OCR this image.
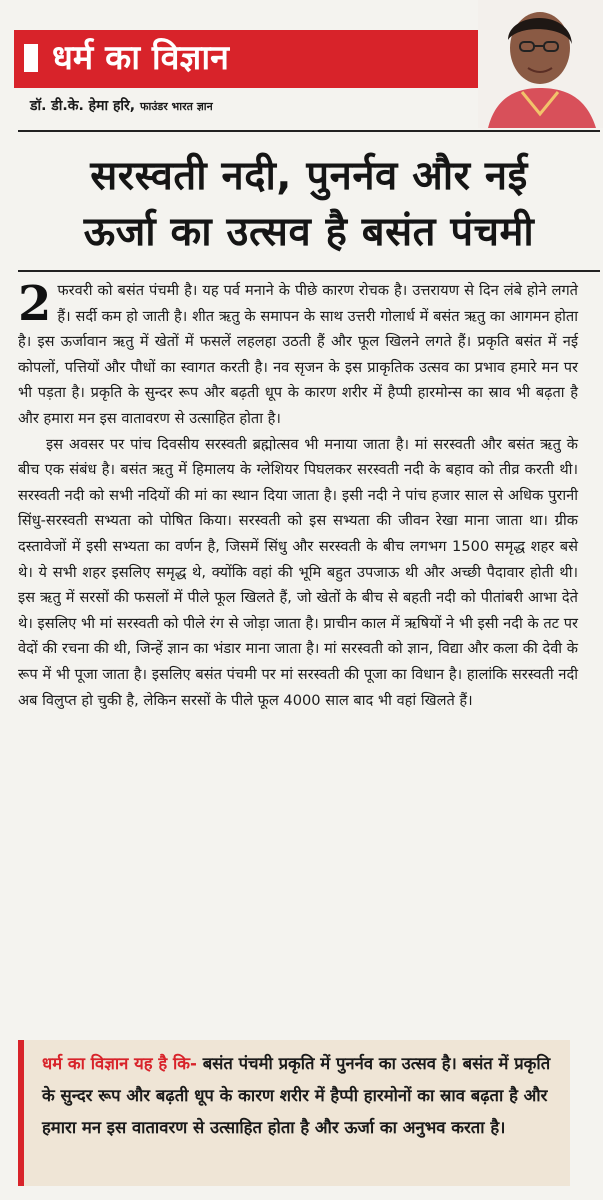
धर्म का विज्ञान
डॉ. डी.के. हेमा हरि, फाउंडर भारत ज्ञान
सरस्वती नदी, पुनर्नव और नई
ऊर्जा का उत्सव है बसंत पंचमी

2 फरवरी को बसंत पंचमी है। यह पर्व मनाने के पीछे कारण रोचक है। उत्तरायण से दिन लंबे होने लगते हैं। सर्दी कम हो जाती है। शीत ऋतु के समापन के साथ उत्तरी गोलार्ध में बसंत ऋतु का आगमन होता है। इस ऊर्जावान ऋतु में खेतों में फसलें लहलहा उठती हैं और फूल खिलने लगते हैं। प्रकृति बसंत में नई कोपलों, पत्तियों और पौधों का स्वागत करती है। नव सृजन के इस प्राकृतिक उत्सव का प्रभाव हमारे मन पर भी पड़ता है। प्रकृति के सुन्दर रूप और बढ़ती धूप के कारण शरीर में हैप्पी हारमोन्स का स्राव भी बढ़ता है और हमारा मन इस वातावरण से उत्साहित होता है।

इस अवसर पर पांच दिवसीय सरस्वती ब्रह्मोत्सव भी मनाया जाता है। मां सरस्वती और बसंत ऋतु के बीच एक संबंध है। बसंत ऋतु में हिमालय के ग्लेशियर पिघलकर सरस्वती नदी के बहाव को तीव्र करती थी। सरस्वती नदी को सभी नदियों की मां का स्थान दिया जाता है। इसी नदी ने पांच हजार साल से अधिक पुरानी सिंधु-सरस्वती सभ्यता को पोषित किया। सरस्वती को इस सभ्यता की जीवन रेखा माना जाता था। ग्रीक दस्तावेजों में इसी सभ्यता का वर्णन है, जिसमें सिंधु और सरस्वती के बीच लगभग 1500 समृद्ध शहर बसे थे। ये सभी शहर इसलिए समृद्ध थे, क्योंकि वहां की भूमि बहुत उपजाऊ थी और अच्छी पैदावार होती थी। इस ऋतु में सरसों की फसलों में पीले फूल खिलते हैं, जो खेतों के बीच से बहती नदी को पीतांबरी आभा देते थे। इसलिए भी मां सरस्वती को पीले रंग से जोड़ा जाता है। प्राचीन काल में ऋषियों ने भी इसी नदी के तट पर वेदों की रचना की थी, जिन्हें ज्ञान का भंडार माना जाता है। मां सरस्वती को ज्ञान, विद्या और कला की देवी के रूप में भी पूजा जाता है। इसलिए बसंत पंचमी पर मां सरस्वती की पूजा का विधान है। हालांकि सरस्वती नदी अब विलुप्त हो चुकी है, लेकिन सरसों के पीले फूल 4000 साल बाद भी वहां खिलते हैं।

धर्म का विज्ञान यह है कि- बसंत पंचमी प्रकृति में पुनर्नव का उत्सव है। बसंत में प्रकृति के सुन्दर रूप और बढ़ती धूप के कारण शरीर में हैप्पी हारमोनों का स्राव बढ़ता है और हमारा मन इस वातावरण से उत्साहित होता है और ऊर्जा का अनुभव करता है।
